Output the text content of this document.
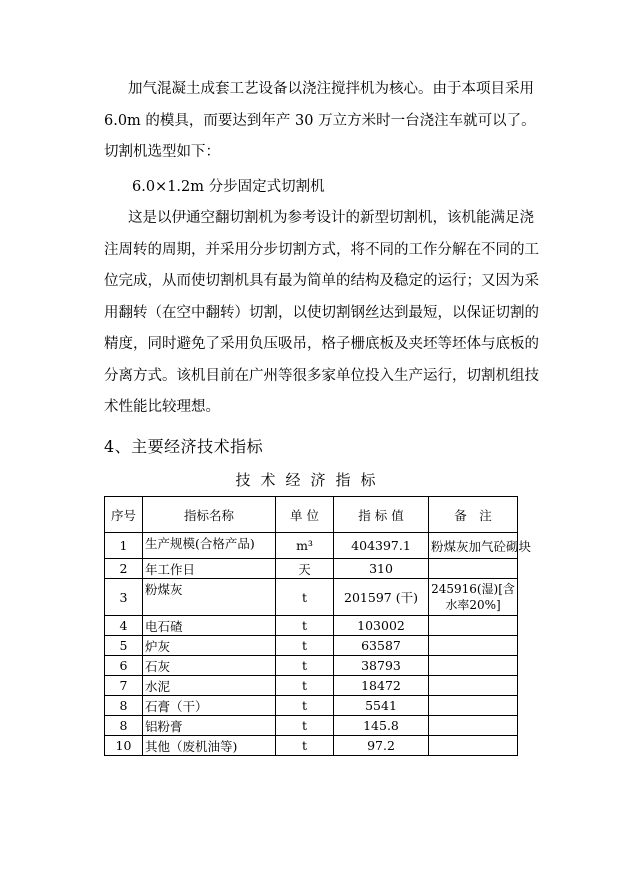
加气混凝土成套工艺设备以浇注搅拌机为核心。由于本项目采用6.0m 的模具，而要达到年产 30 万立方米时一台浇注车就可以了。切割机选型如下：

6.0×1.2m 分步固定式切割机

这是以伊通空翻切割机为参考设计的新型切割机，该机能满足浇注周转的周期，并采用分步切割方式，将不同的工作分解在不同的工位完成，从而使切割机具有最为简单的结构及稳定的运行；又因为采用翻转（在空中翻转）切割，以使切割钢丝达到最短，以保证切割的精度，同时避免了采用负压吸吊，格子栅底板及夹坯等坯体与底板的分离方式。该机目前在广州等很多家单位投入生产运行，切割机组技术性能比较理想。

4、主要经济技术指标

技术经济指标

序号	指标名称	单 位	指 标 值	备　注
1	生产规模(合格产品)	m³	404397.1	粉煤灰加气砼砌块
2	年工作日	天	310	
3	粉煤灰	t	201597 (干)	245916(湿)[含水率20%]
4	电石碴	t	103002	
5	炉灰	t	63587	
6	石灰	t	38793	
7	水泥	t	18472	
8	石膏（干）	t	5541	
8	铝粉膏	t	145.8	
10	其他（废机油等)	t	97.2	
